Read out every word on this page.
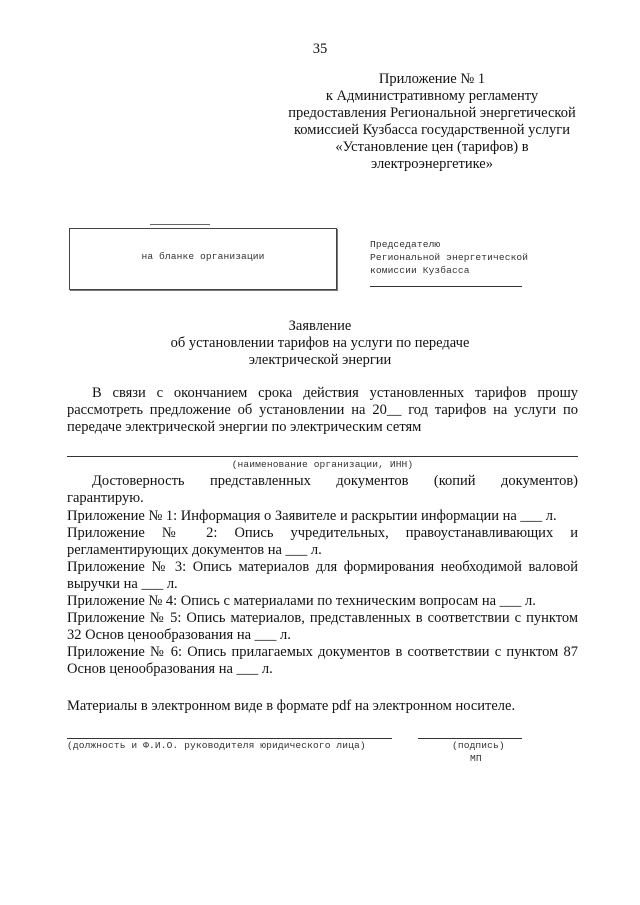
35
Приложение № 1
к Административному регламенту
предоставления Региональной энергетической
комиссией Кузбасса государственной услуги
«Установление цен (тарифов) в
электроэнергетике»
на бланке организации
Председателю
Региональной энергетической
комиссии Кузбасса
Заявление
об установлении тарифов на услуги по передаче
электрической энергии
В связи с окончанием срока действия установленных тарифов прошу
рассмотреть предложение об установлении на 20__ год тарифов на услуги по
передаче электрической энергии по электрическим сетям
(наименование организации, ИНН)
Достоверность представленных документов (копий документов)
гарантирую.
Приложение № 1: Информация о Заявителе и раскрытии информации на ___ л.
Приложение № 2: Опись учредительных, правоустанавливающих и
регламентирующих документов на ___ л.
Приложение № 3: Опись материалов для формирования необходимой валовой
выручки на ___ л.
Приложение № 4: Опись с материалами по техническим вопросам на ___ л.
Приложение № 5: Опись материалов, представленных в соответствии с пунктом
32 Основ ценообразования на ___ л.
Приложение № 6: Опись прилагаемых документов в соответствии с пунктом 87
Основ ценообразования на ___ л.
Материалы в электронном виде в формате pdf на электронном носителе.
(должность и Ф.И.О. руководителя юридического лица)	(подпись)
МП
